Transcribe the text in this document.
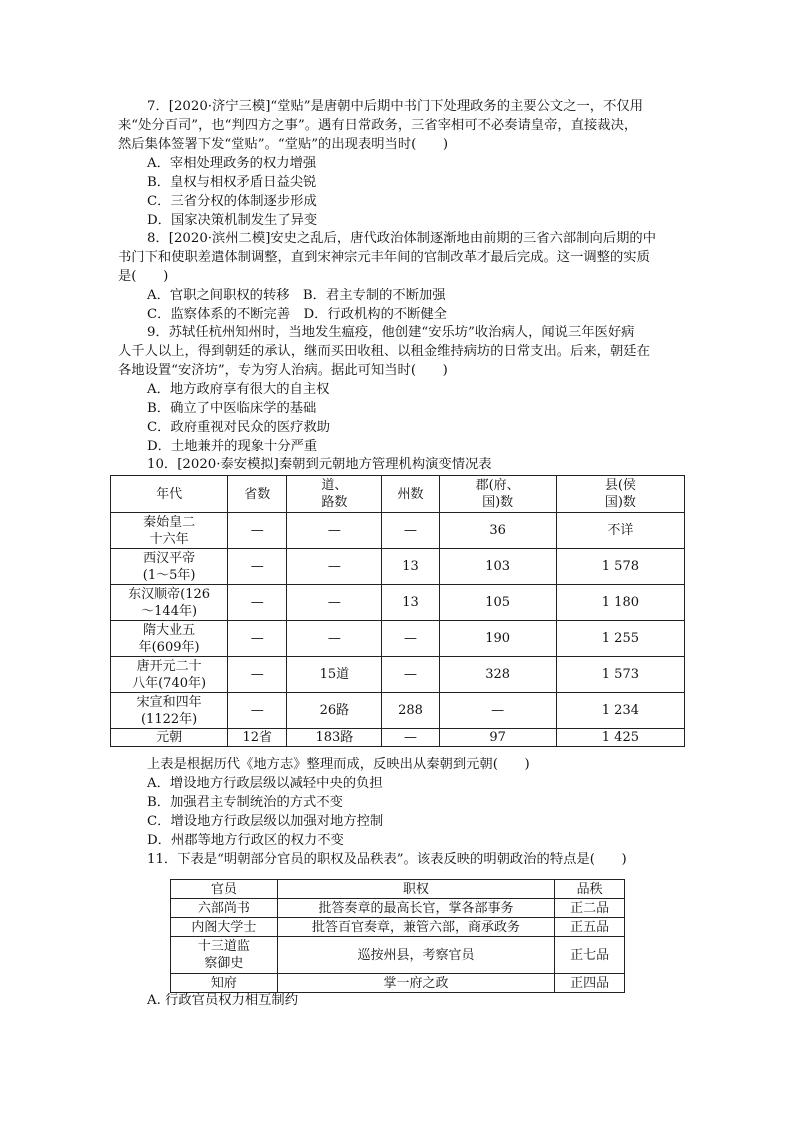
7．[2020·济宁三模]“堂贴”是唐朝中后期中书门下处理政务的主要公文之一，不仅用
来“处分百司”，也“判四方之事”。遇有日常政务，三省宰相可不必奏请皇帝，直接裁决，
然后集体签署下发“堂贴”。“堂贴”的出现表明当时(　　)
A．宰相处理政务的权力增强
B．皇权与相权矛盾日益尖锐
C．三省分权的体制逐步形成
D．国家决策机制发生了异变
8．[2020·滨州二模]安史之乱后，唐代政治体制逐渐地由前期的三省六部制向后期的中
书门下和使职差遣体制调整，直到宋神宗元丰年间的官制改革才最后完成。这一调整的实质
是(　　)
A．官职之间职权的转移　B．君主专制的不断加强
C．监察体系的不断完善　D．行政机构的不断健全
9．苏轼任杭州知州时，当地发生瘟疫，他创建“安乐坊”收治病人，闻说三年医好病
人千人以上，得到朝廷的承认，继而买田收租、以租金维持病坊的日常支出。后来，朝廷在
各地设置“安济坊”，专为穷人治病。据此可知当时(　　)
A．地方政府享有很大的自主权
B．确立了中医临床学的基础
C．政府重视对民众的医疗救助
D．土地兼并的现象十分严重
10．[2020·泰安模拟]秦朝到元朝地方管理机构演变情况表
年代	省数	道、
路数	州数	郡(府、
国)数	县(侯
国)数
秦始皇二
十六年	—	—	—	36	不详
西汉平帝
(1～5年)	—	—	13	103	1 578
东汉顺帝(126
～144年)	—	—	13	105	1 180
隋大业五
年(609年)	—	—	—	190	1 255
唐开元二十
八年(740年)	—	15道	—	328	1 573
宋宣和四年
(1122年)	—	26路	288	—	1 234
元朝	12省	183路	—	97	1 425
上表是根据历代《地方志》整理而成，反映出从秦朝到元朝(　　)
A．增设地方行政层级以减轻中央的负担
B．加强君主专制统治的方式不变
C．增设地方行政层级以加强对地方控制
D．州郡等地方行政区的权力不变
11．下表是“明朝部分官员的职权及品秩表”。该表反映的明朝政治的特点是(　　)
官员	职权	品秩
六部尚书	批答奏章的最高长官，掌各部事务	正二品
内阁大学士	批答百官奏章，兼管六部，商承政务	正五品
十三道监
察御史	巡按州县，考察官员	正七品
知府	掌一府之政	正四品
A. 行政官员权力相互制约
